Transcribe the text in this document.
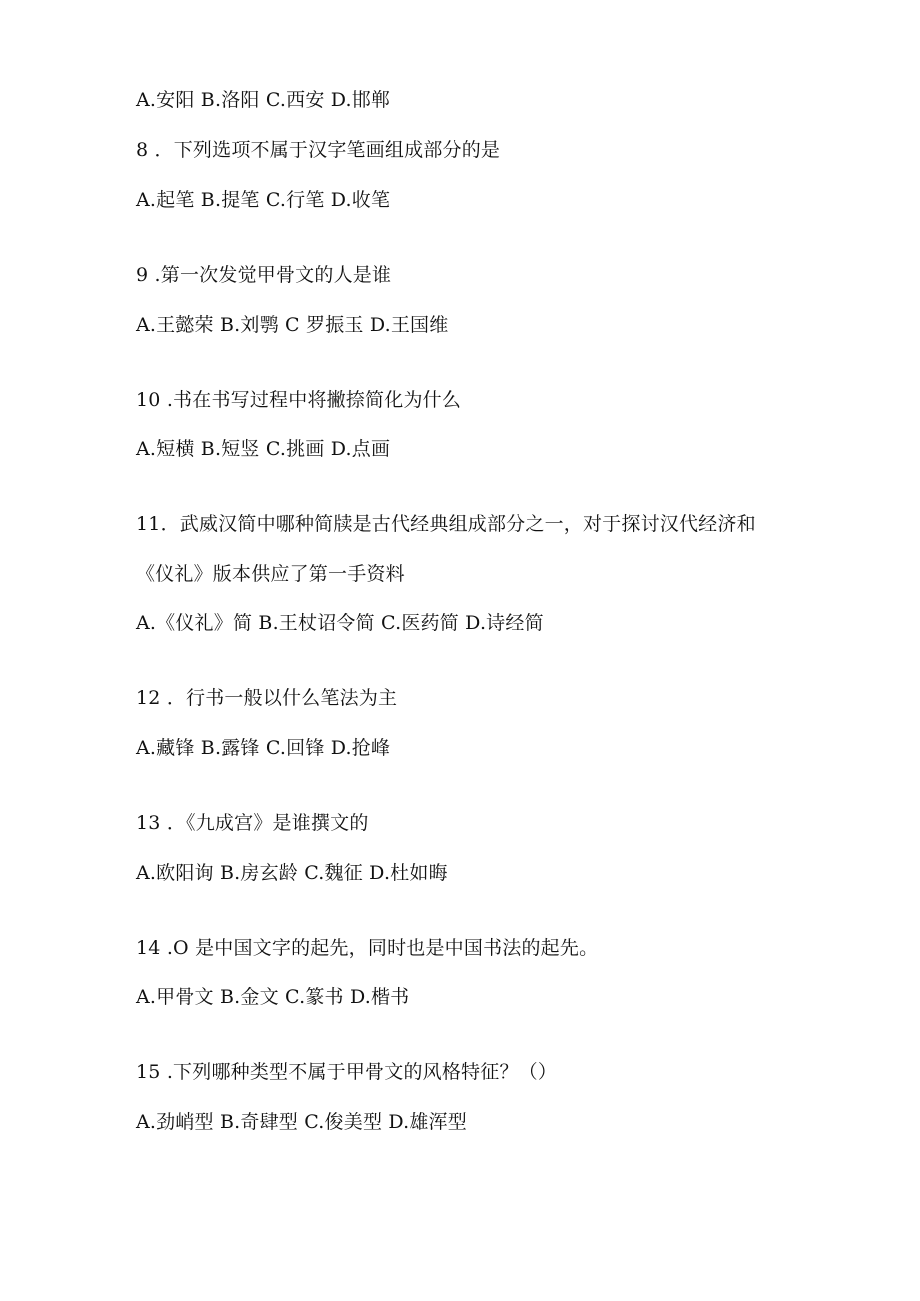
A.安阳 B.洛阳 C.西安 D.邯郸
8 ．下列选项不属于汉字笔画组成部分的是
A.起笔 B.提笔 C.行笔 D.收笔
9 .第一次发觉甲骨文的人是谁
A.王懿荣 B.刘鹗 C 罗振玉 D.王国维
10 .书在书写过程中将撇捺简化为什么
A.短横 B.短竖 C.挑画 D.点画
11．武威汉简中哪种简牍是古代经典组成部分之一，对于探讨汉代经济和
《仪礼》版本供应了第一手资料
A.《仪礼》简 B.王杖诏令简 C.医药简 D.诗经简
12 ．行书一般以什么笔法为主
A.藏锋 B.露锋 C.回锋 D.抢峰
13 ．《九成宫》是谁撰文的
A.欧阳询 B.房玄龄 C.魏征 D.杜如晦
14 .O 是中国文字的起先，同时也是中国书法的起先。
A.甲骨文 B.金文 C.篆书 D.楷书
15 .下列哪种类型不属于甲骨文的风格特征？（）
A.劲峭型 B.奇肆型 C.俊美型 D.雄浑型
